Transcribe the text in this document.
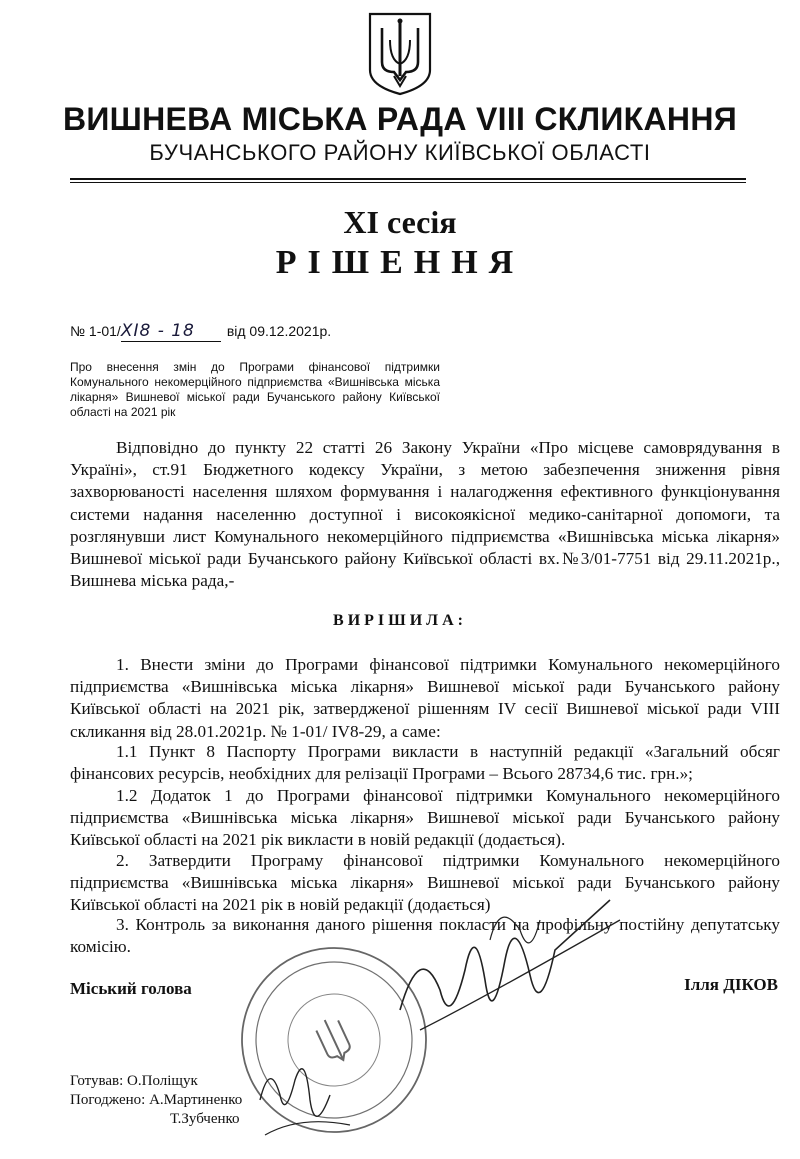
ВИШНЕВА МІСЬКА РАДА VIII СКЛИКАННЯ
БУЧАНСЬКОГО РАЙОНУ КИЇВСЬКОЇ ОБЛАСТІ
XI сесія
РІШЕННЯ
№ 1-01/XI8 - 18 від 09.12.2021р.
Про внесення змін до Програми фінансової підтримки Комунального некомерційного підприємства «Вишнівська міська лікарня» Вишневої міської ради Бучанського району Київської області на 2021 рік

Відповідно до пункту 22 статті 26 Закону України «Про місцеве самоврядування в Україні», ст.91 Бюджетного кодексу України, з метою забезпечення зниження рівня захворюваності населення шляхом формування і налагодження ефективного функціонування системи надання населенню доступної і високоякісної медико-санітарної допомоги, та розглянувши лист Комунального некомерційного підприємства «Вишнівська міська лікарня» Вишневої міської ради Бучанського району Київської області вх.№3/01-7751 від 29.11.2021р., Вишнева міська рада,-

ВИРІШИЛА:

1. Внести зміни до Програми фінансової підтримки Комунального некомерційного підприємства «Вишнівська міська лікарня» Вишневої міської ради Бучанського району Київської області на 2021 рік, затвердженої рішенням IV сесії Вишневої міської ради VIII скликання від 28.01.2021р. № 1-01/ IV8-29, а саме:

1.1 Пункт 8 Паспорту Програми викласти в наступній редакції «Загальний обсяг фінансових ресурсів, необхідних для релізації Програми – Всього 28734,6 тис. грн.»;

1.2 Додаток 1 до Програми фінансової підтримки Комунального некомерційного підприємства «Вишнівська міська лікарня» Вишневої міської ради Бучанського району Київської області на 2021 рік викласти в новій редакції (додається).

2. Затвердити Програму фінансової підтримки Комунального некомерційного підприємства «Вишнівська міська лікарня» Вишневої міської ради Бучанського району Київської області на 2021 рік в новій редакції (додається)

3. Контроль за виконання даного рішення покласти на профільну постійну депутатську комісію.

Міський голова	Ілля ДІКОВ
Готував: О.Поліщук
Погоджено: А.Мартиненко
Т.Зубченко
